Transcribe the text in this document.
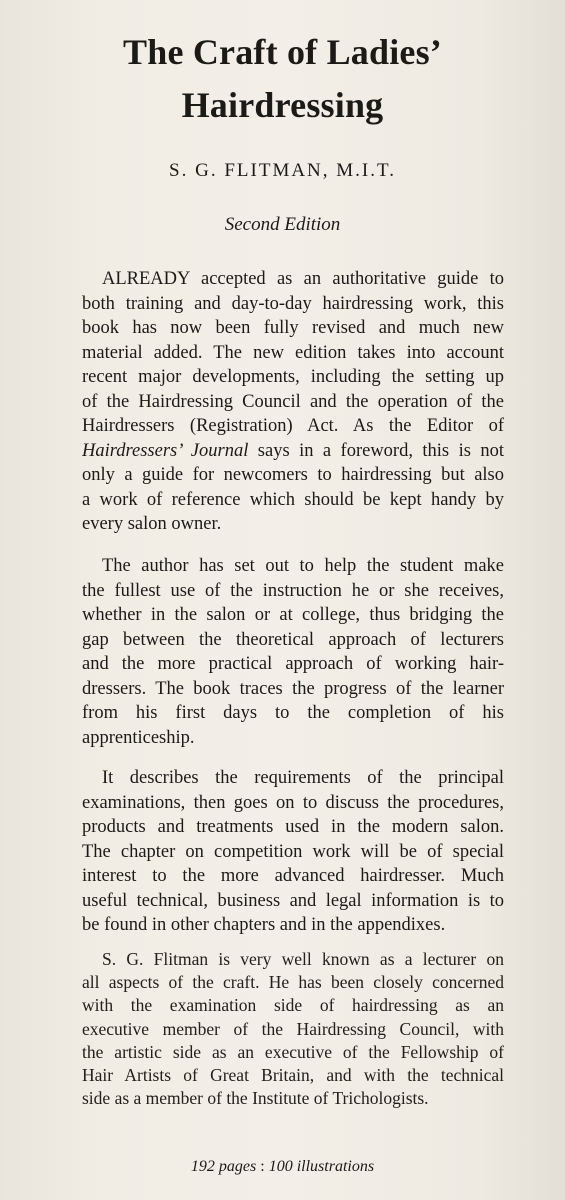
The Craft of Ladies’
Hairdressing

S. G. FLITMAN, M.I.T.

Second Edition

ALREADY accepted as an authoritative guide to
both training and day-to-day hairdressing work, this
book has now been fully revised and much new
material added. The new edition takes into account
recent major developments, including the setting up
of the Hairdressing Council and the operation of the
Hairdressers (Registration) Act. As the Editor of
Hairdressers’ Journal says in a foreword, this is not
only a guide for newcomers to hairdressing but also
a work of reference which should be kept handy by
every salon owner.
The author has set out to help the student make
the fullest use of the instruction he or she receives,
whether in the salon or at college, thus bridging the
gap between the theoretical approach of lecturers
and the more practical approach of working hair-
dressers. The book traces the progress of the learner
from his first days to the completion of his
apprenticeship.
It describes the requirements of the principal
examinations, then goes on to discuss the procedures,
products and treatments used in the modern salon.
The chapter on competition work will be of special
interest to the more advanced hairdresser. Much
useful technical, business and legal information is to
be found in other chapters and in the appendixes.
S. G. Flitman is very well known as a lecturer on
all aspects of the craft. He has been closely concerned
with the examination side of hairdressing as an
executive member of the Hairdressing Council, with
the artistic side as an executive of the Fellowship of
Hair Artists of Great Britain, and with the technical
side as a member of the Institute of Trichologists.

192 pages : 100 illustrations
